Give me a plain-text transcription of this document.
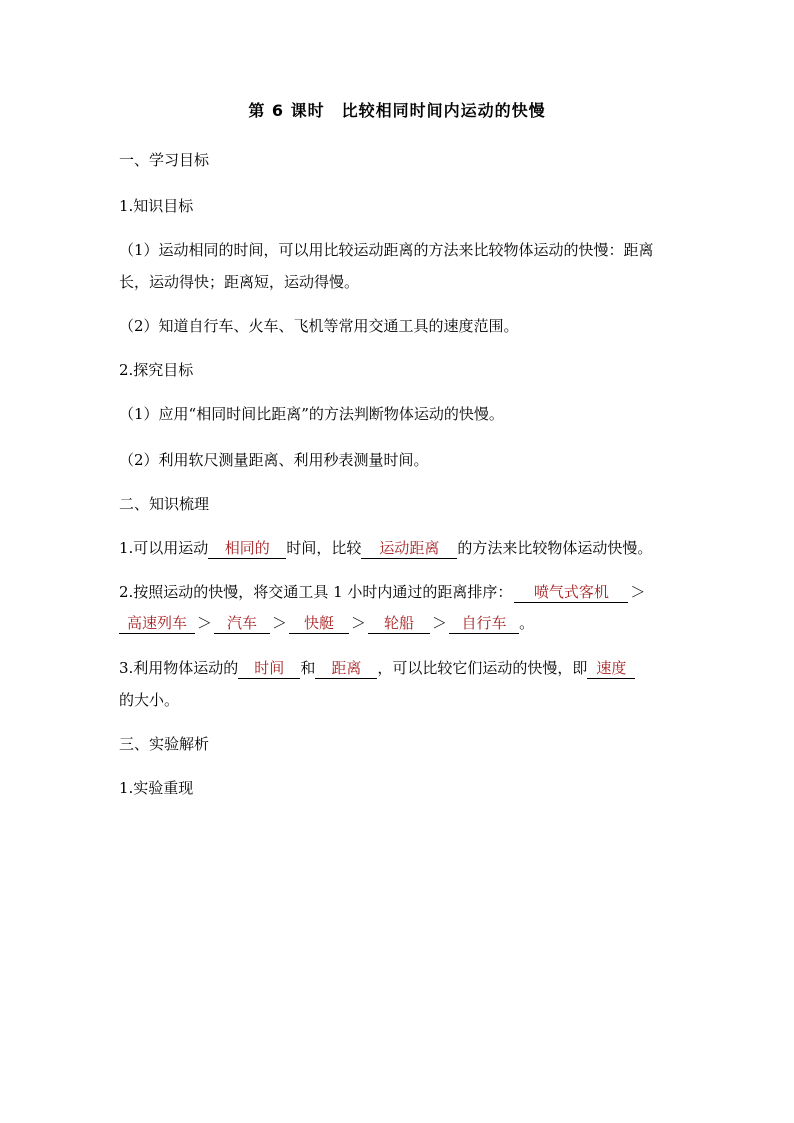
第 6 课时　比较相同时间内运动的快慢
一、学习目标
1.知识目标
（1）运动相同的时间，可以用比较运动距离的方法来比较物体运动的快慢：距离长，运动得快；距离短，运动得慢。
（2）知道自行车、火车、飞机等常用交通工具的速度范围。
2.探究目标
（1）应用“相同时间比距离”的方法判断物体运动的快慢。
（2）利用软尺测量距离、利用秒表测量时间。
二、知识梳理
1.可以用运动 相同的 时间，比较 运动距离 的方法来比较物体运动快慢。
2.按照运动的快慢，将交通工具 1 小时内通过的距离排序： 喷气式客机 ＞
高速列车 ＞ 汽车 ＞ 快艇 ＞ 轮船 ＞ 自行车 。
3.利用物体运动的 时间 和 距离 ，可以比较它们运动的快慢，即 速度
的大小。
三、实验解析
1.实验重现
